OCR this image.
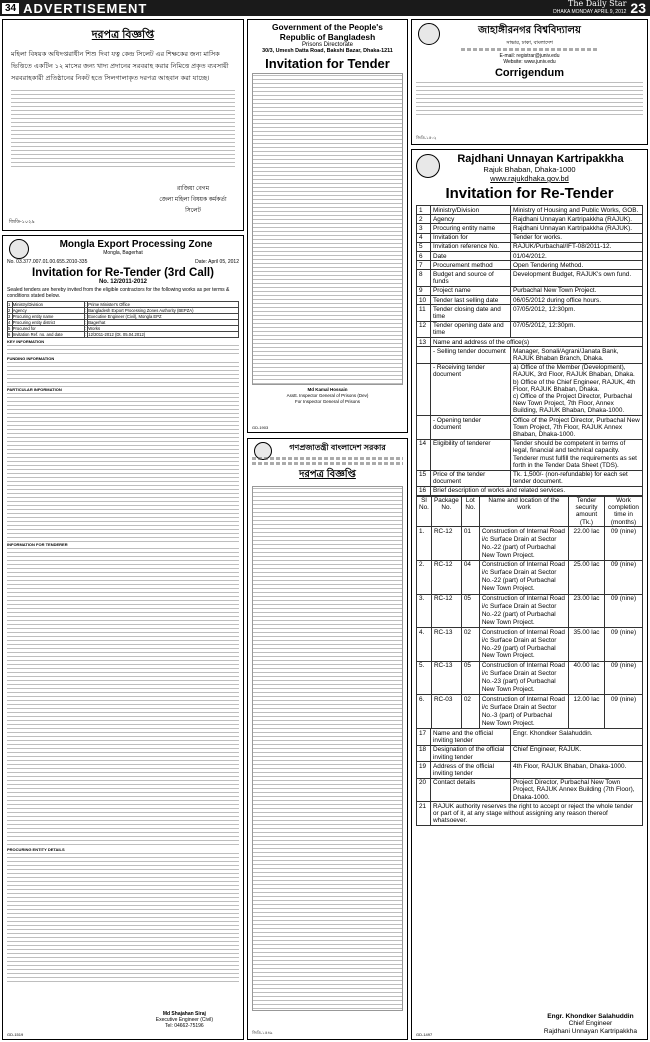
34 ADVERTISEMENT	The Daily Star
DHAKA MONDAY APRIL 9, 2012 23
দরপত্র বিজ্ঞপ্তি
মহিলা বিষয়ক অধিদপ্তরাধীন শিশু দিবা যত্ন কেন্দ্র সিলেট এর শিক্ষকের জন্য মাসিক ভিত্তিতে একটিন ১২ মাসের জন্য খাদ্য প্রদানের সরবরাহ করার নিমিত্তে প্রকৃত ব্যবসায়ী সরবরাহকারী প্রতিষ্ঠানের নিকট হতে সিলগালাকৃত দরপত্র আহবান করা যাচ্ছে।
রাজিয়া বেগম
জেলা মহিলা বিষয়ক কর্মকর্তা সিলেট
জিডি-১০২৯
Mongla Export Processing Zone
Mongla, Bagerhat
No. 03.377.007.01.00.655.2010-335	Date: April 05, 2012
Invitation for Re-Tender (3rd Call)
No. 12/2011-2012
Sealed tenders are hereby invited from the eligible contractors for the following works as per terms & conditions stated below.
1	Ministry/Division	:	Prime Minister's Office
2	Agency	:	Bangladesh Export Processing Zones Authority (BEPZA)
3	Procuring entity name	:	Executive Engineer (Civil), Mongla EPZ
4	Procuring entity district	:	Bagerhat
5	Procured for	:	Works
6	Invitation Ref. no. and date	:	12/2011-2012 (Dt. 05.04.2012)
KEY INFORMATION
FUNDING INFORMATION
PARTICULAR INFORMATION
INFORMATION FOR TENDERER
PROCURING ENTITY DETAILS
Md Shajahan Siraj
Executive Engineer (Civil)
Tel: 04662-75196
GD-1519
Government of the People's
Republic of Bangladesh
Prisons Directorate
30/3, Umesh Datta Road, Bakshi Bazar, Dhaka-1211
Invitation for Tender
Md Kamal Hossain
Asstt. Inspector General of Prisons (Dev)
For Inspector General of Prisons
GD-1903
গণপ্রজাতন্ত্রী বাংলাদেশ সরকার
দরপত্র বিজ্ঞপ্তি
জিডি-১৫৪৯
জাহাঙ্গীরনগর বিশ্ববিদ্যালয়
সাভার, ঢাকা, বাংলাদেশ
E-mail: registrar@juniv.edu
Website: www.juniv.edu
Corrigendum
জিডি-১৫০২
Rajdhani Unnayan Kartripakkha
Rajuk Bhaban, Dhaka-1000
www.rajukdhaka.gov.bd
Invitation for Re-Tender
1	Ministry/Division	Ministry of Housing and Public Works, GOB.
2	Agency	Rajdhani Unnayan Kartripakkha (RAJUK).
3	Procuring entity name	Rajdhani Unnayan Kartripakkha (RAJUK).
4	Invitation for	Tender for works.
5	Invitation reference No.	RAJUK/Purbachal/IFT-08/2011-12.
6	Date	01/04/2012.
7	Procurement method	Open Tendering Method.
8	Budget and source of funds	Development Budget, RAJUK's own fund.
9	Project name	Purbachal New Town Project.
10	Tender last selling date	06/05/2012 during office hours.
11	Tender closing date and time	07/05/2012, 12:30pm.
12	Tender opening date and time	07/05/2012, 12:30pm.
13	Name and address of the office(s)	
	- Selling tender document	Manager, Sonali/Agrani/Janata Bank, RAJUK Bhaban Branch, Dhaka.
	- Receiving tender document	a) Office of the Member (Development), RAJUK, 3rd Floor, RAJUK Bhaban, Dhaka.
b) Office of the Chief Engineer, RAJUK, 4th Floor, RAJUK Bhaban, Dhaka.
c) Office of the Project Director, Purbachal New Town Project, 7th Floor, Annex Building, RAJUK Bhaban, Dhaka-1000.

	- Opening tender document	Office of the Project Director, Purbachal New Town Project, 7th Floor, RAJUK Annex Bhaban, Dhaka-1000.
14	Eligibility of tenderer	Tender should be competent in terms of legal, financial and technical capacity. Tenderer must fulfill the requirements as set forth in the Tender Data Sheet (TDS).
15	Price of the tender document	Tk. 1,500/- (non-refundable) for each set tender document.
16	Brief description of works and related services.	
Sl No.	Package No.	Lot No.	Name and location of the work	Tender security amount (Tk.)	Work completion time in (months)
1.	RC-12	01	Construction of Internal Road i/c Surface Drain at Sector No.-22 (part) of Purbachal New Town Project.	22.00 lac	09 (nine)
2.	RC-12	04	Construction of Internal Road i/c Surface Drain at Sector No.-22 (part) of Purbachal New Town Project.	25.00 lac	09 (nine)
3.	RC-12	05	Construction of Internal Road i/c Surface Drain at Sector No.-22 (part) of Purbachal New Town Project.	23.00 lac	09 (nine)
4.	RC-13	02	Construction of Internal Road i/c Surface Drain at Sector No.-29 (part) of Purbachal New Town Project.	35.00 lac	09 (nine)
5.	RC-13	05	Construction of Internal Road i/c Surface Drain at Sector No.-23 (part) of Purbachal New Town Project.	40.00 lac	09 (nine)
6.	RC-03	02	Construction of Internal Road i/c Surface Drain at Sector No.-3 (part) of Purbachal New Town Project.	12.00 lac	09 (nine)
17	Name and the official inviting tender	Engr. Khondker Salahuddin.
18	Designation of the official inviting tender	Chief Engineer, RAJUK.
19	Address of the official inviting tender	4th Floor, RAJUK Bhaban, Dhaka-1000.
20	Contact details	Project Director, Purbachal New Town Project, RAJUK Annex Building (7th Floor), Dhaka-1000.
21	RAJUK authority reserves the right to accept or reject the whole tender or part of it, at any stage without assigning any reason thereof whatsoever.	
Engr. Khondker Salahuddin
Chief Engineer
Rajdhani Unnayan Kartripakkha
GD-1497
